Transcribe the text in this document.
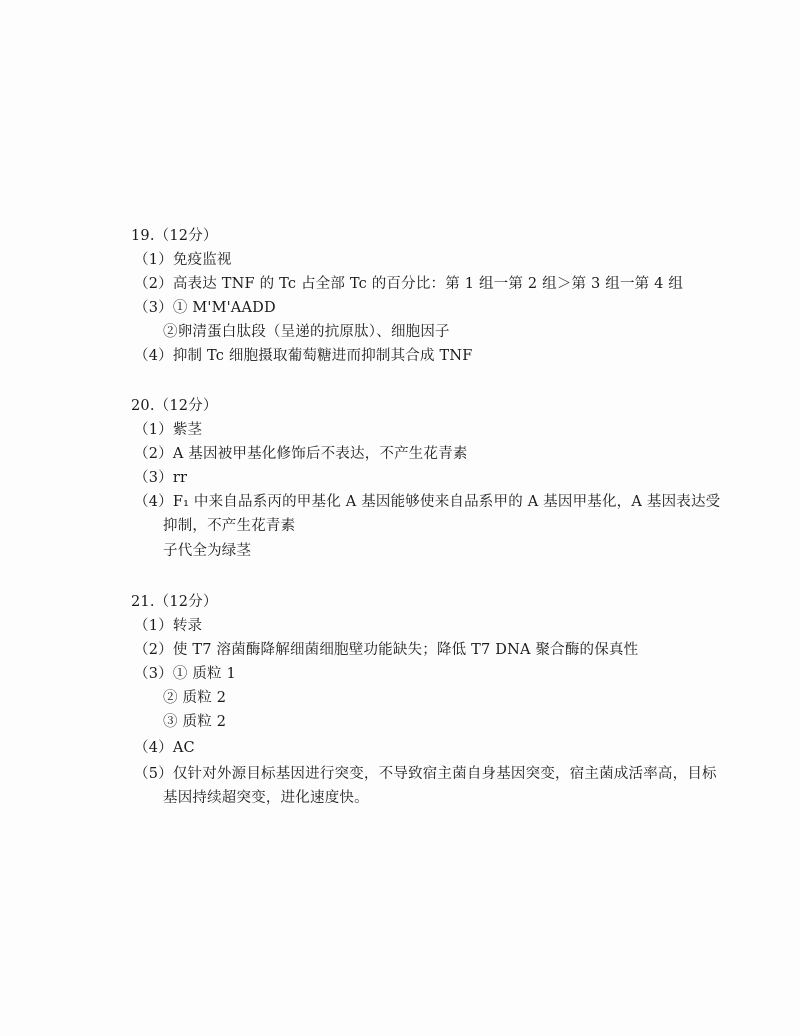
19.（12分）
（1）免疫监视
（2）高表达 TNF 的 Tc 占全部 Tc 的百分比：第 1 组一第 2 组＞第 3 组一第 4 组
（3）① M'M'AADD
②卵清蛋白肽段（呈递的抗原肽）、细胞因子
（4）抑制 Tc 细胞摄取葡萄糖进而抑制其合成 TNF
20.（12分）
（1）紫茎
（2）A 基因被甲基化修饰后不表达，不产生花青素
（3）rr
（4）F₁ 中来自品系丙的甲基化 A 基因能够使来自品系甲的 A 基因甲基化，A 基因表达受
抑制，不产生花青素
子代全为绿茎
21.（12分）
（1）转录
（2）使 T7 溶菌酶降解细菌细胞壁功能缺失；降低 T7 DNA 聚合酶的保真性
（3）① 质粒 1
② 质粒 2
③ 质粒 2
（4）AC
（5）仅针对外源目标基因进行突变，不导致宿主菌自身基因突变，宿主菌成活率高，目标
基因持续超突变，进化速度快。
